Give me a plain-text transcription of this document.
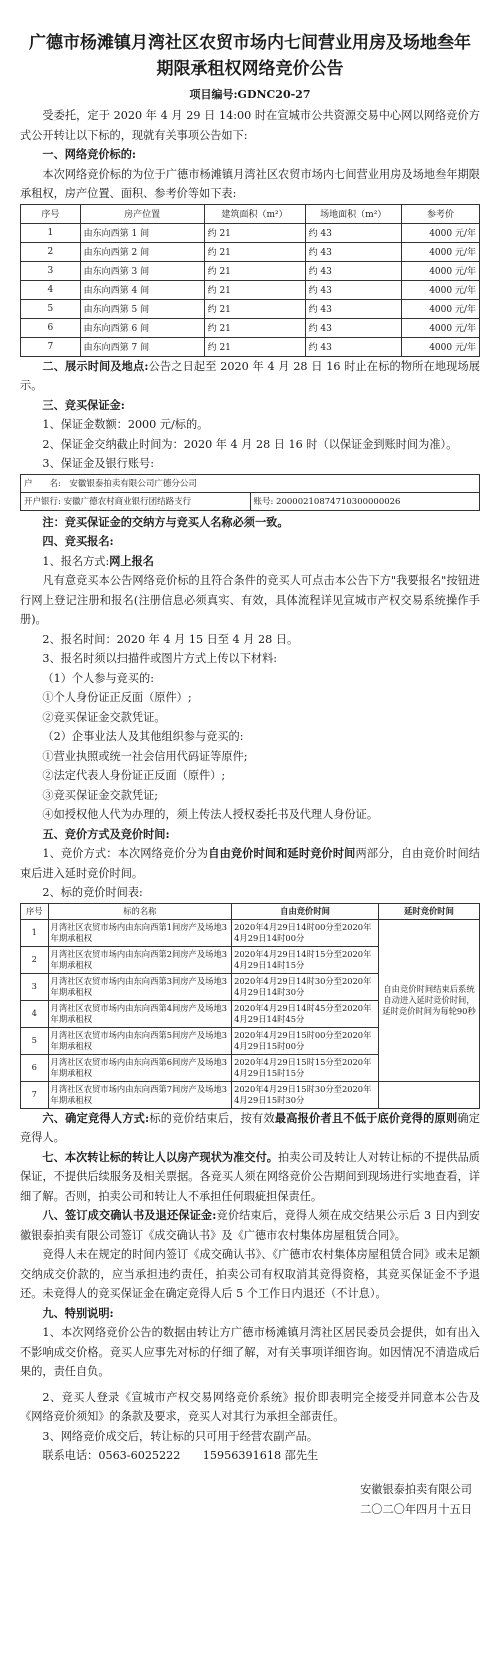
广德市杨滩镇月湾社区农贸市场内七间营业用房及场地叁年期限承租权网络竞价公告
项目编号:GDNC20-27

受委托，定于 2020 年 4 月 29 日 14:00 时在宣城市公共资源交易中心网以网络竞价方式公开转让以下标的，现就有关事项公告如下:

一、网络竞价标的:

本次网络竞价标的为位于广德市杨滩镇月湾社区农贸市场内七间营业用房及场地叁年期限承租权，房产位置、面积、参考价等如下表:

序号	房产位置	建筑面积（m²）	场地面积（m²）	参考价
1	由东向西第 1 间	约 21	约 43	4000 元/年
2	由东向西第 2 间	约 21	约 43	4000 元/年
3	由东向西第 3 间	约 21	约 43	4000 元/年
4	由东向西第 4 间	约 21	约 43	4000 元/年
5	由东向西第 5 间	约 21	约 43	4000 元/年
6	由东向西第 6 间	约 21	约 43	4000 元/年
7	由东向西第 7 间	约 21	约 43	4000 元/年

二、展示时间及地点:公告之日起至 2020 年 4 月 28 日 16 时止在标的物所在地现场展示。

三、竞买保证金:

1、保证金数额：2000 元/标的。

2、保证金交纳截止时间为：2020 年 4 月 28 日 16 时（以保证金到账时间为准）。

3、保证金及银行账号:

户　　名:　 安徽银泰拍卖有限公司广德分公司
开户银行: 安徽广德农村商业银行团结路支行	账号: 20000210874710300000026

注：竞买保证金的交纳方与竞买人名称必须一致。

四、竞买报名:

1、报名方式:网上报名

凡有意竞买本公告网络竞价标的且符合条件的竞买人可点击本公告下方"我要报名"按钮进行网上登记注册和报名(注册信息必须真实、有效，具体流程详见宣城市产权交易系统操作手册)。

2、报名时间：2020 年 4 月 15 日至 4 月 28 日。

3、报名时须以扫描件或图片方式上传以下材料:

（1）个人参与竞买的:

①个人身份证正反面（原件）;

②竞买保证金交款凭证。

（2）企事业法人及其他组织参与竞买的:

①营业执照或统一社会信用代码证等原件;

②法定代表人身份证正反面（原件）;

③竞买保证金交款凭证;

④如授权他人代为办理的，须上传法人授权委托书及代理人身份证。

五、竞价方式及竞价时间:

1、竞价方式：本次网络竞价分为自由竞价时间和延时竞价时间两部分，自由竞价时间结束后进入延时竞价时间。

2、标的竞价时间表:

序号	标的名称	自由竞价时间	延时竞价时间
1	月湾社区农贸市场内由东向西第1间房产及场地3年期承租权	2020年4月29日14时00分至2020年4月29日14时00分	自由竞价时间结束后系统自动进入延时竞价时间，延时竞价时间为每轮90秒
2	月湾社区农贸市场内由东向西第2间房产及场地3年期承租权	2020年4月29日14时15分至2020年4月29日14时15分	
3	月湾社区农贸市场内由东向西第3间房产及场地3年期承租权	2020年4月29日14时30分至2020年4月29日14时30分	
4	月湾社区农贸市场内由东向西第4间房产及场地3年期承租权	2020年4月29日14时45分至2020年4月29日14时45分	
5	月湾社区农贸市场内由东向西第5间房产及场地3年期承租权	2020年4月29日15时00分至2020年4月29日15时00分	
6	月湾社区农贸市场内由东向西第6间房产及场地3年期承租权	2020年4月29日15时15分至2020年4月29日15时15分	
7	月湾社区农贸市场内由东向西第7间房产及场地3年期承租权	2020年4月29日15时30分至2020年4月29日15时30分	

六、确定竞得人方式:标的竞价结束后，按有效最高报价者且不低于底价竞得的原则确定竞得人。

七、本次转让标的转让人以房产现状为准交付。拍卖公司及转让人对转让标的不提供品质保证，不提供后续服务及相关票据。各竞买人须在网络竞价公告期间到现场进行实地查看，详细了解。否则，拍卖公司和转让人不承担任何瑕疵担保责任。

八、签订成交确认书及退还保证金:竞价结束后，竞得人须在成交结果公示后 3 日内到安徽银泰拍卖有限公司签订《成交确认书》及《广德市农村集体房屋租赁合同》。

竞得人未在规定的时间内签订《成交确认书》、《广德市农村集体房屋租赁合同》或未足额交纳成交价款的，应当承担违约责任，拍卖公司有权取消其竞得资格，其竞买保证金不予退还。未竞得人的竞买保证金在确定竞得人后 5 个工作日内退还（不计息）。

九、特别说明:

1、本次网络竞价公告的数据由转让方广德市杨滩镇月湾社区居民委员会提供，如有出入不影响成交价格。竞买人应事先对标的仔细了解，对有关事项详细咨询。如因情况不清造成后果的，责任自负。

2、竞买人登录《宣城市产权交易网络竞价系统》报价即表明完全接受并同意本公告及《网络竞价须知》的条款及要求，竞买人对其行为承担全部责任。

3、网络竞价成交后，转让标的只可用于经营农副产品。

联系电话：0563-6025222　　15956391618 邵先生

安徽银泰拍卖有限公司
二〇二〇年四月十五日
